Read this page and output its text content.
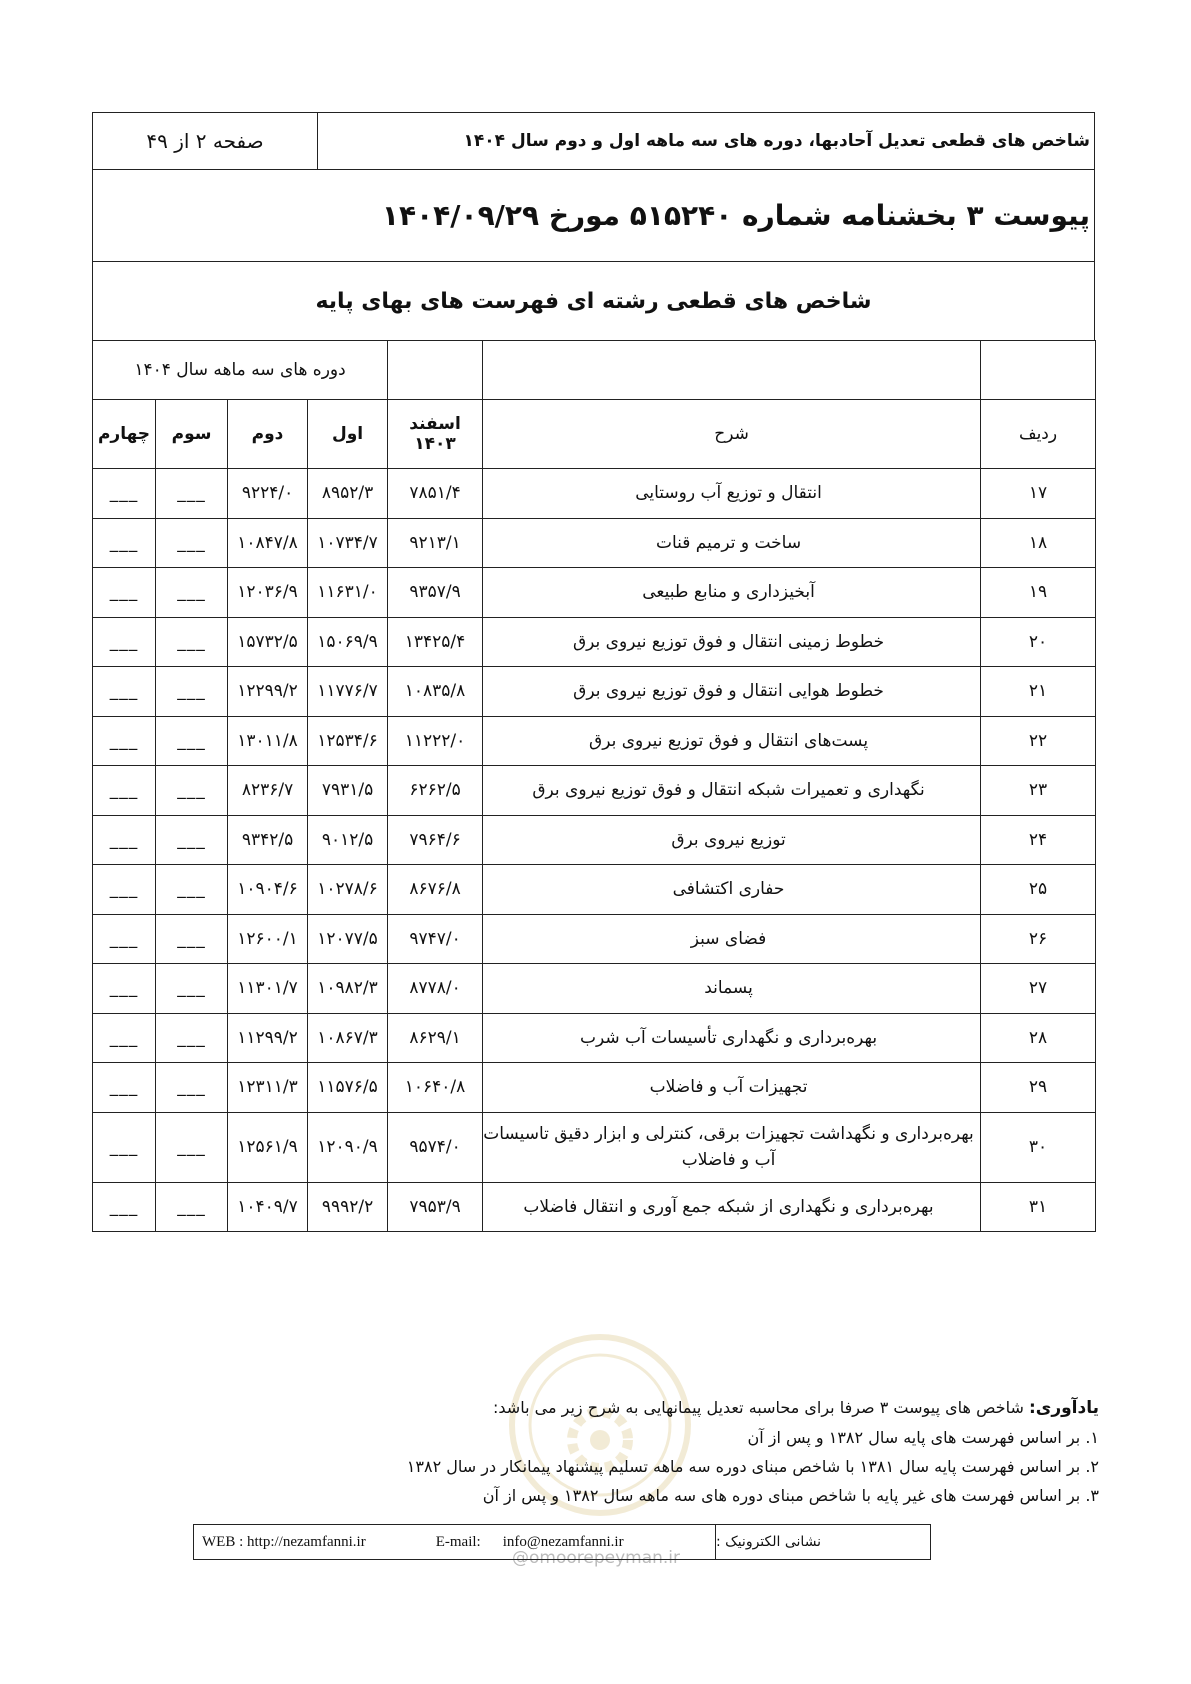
شاخص های قطعی تعدیل آحادبها، دوره های سه ماهه اول و دوم سال ۱۴۰۴
صفحه ۲ از ۴۹
پیوست ۳ بخشنامه شماره ۵۱۵۲۴۰ مورخ ۱۴۰۴/۰۹/۲۹
شاخص های قطعی رشته ای فهرست های بهای پایه
			دوره های سه ماهه سال ۱۴۰۴			
ردیف	شرح	اسفند ۱۴۰۳	اول	دوم	سوم	چهارم
۱۷	انتقال و توزیع آب روستایی	۷۸۵۱/۴	۸۹۵۲/۳	۹۲۲۴/۰	___	___
۱۸	ساخت و ترمیم قنات	۹۲۱۳/۱	۱۰۷۳۴/۷	۱۰۸۴۷/۸	___	___
۱۹	آبخیزداری و منابع طبیعی	۹۳۵۷/۹	۱۱۶۳۱/۰	۱۲۰۳۶/۹	___	___
۲۰	خطوط زمینی انتقال و فوق توزیع نیروی برق	۱۳۴۲۵/۴	۱۵۰۶۹/۹	۱۵۷۳۲/۵	___	___
۲۱	خطوط هوایی انتقال و فوق توزیع نیروی برق	۱۰۸۳۵/۸	۱۱۷۷۶/۷	۱۲۲۹۹/۲	___	___
۲۲	پست‌های انتقال و فوق توزیع نیروی برق	۱۱۲۲۲/۰	۱۲۵۳۴/۶	۱۳۰۱۱/۸	___	___
۲۳	نگهداری و تعمیرات شبکه انتقال و فوق توزیع نیروی برق	۶۲۶۲/۵	۷۹۳۱/۵	۸۲۳۶/۷	___	___
۲۴	توزیع نیروی برق	۷۹۶۴/۶	۹۰۱۲/۵	۹۳۴۲/۵	___	___
۲۵	حفاری اکتشافی	۸۶۷۶/۸	۱۰۲۷۸/۶	۱۰۹۰۴/۶	___	___
۲۶	فضای سبز	۹۷۴۷/۰	۱۲۰۷۷/۵	۱۲۶۰۰/۱	___	___
۲۷	پسماند	۸۷۷۸/۰	۱۰۹۸۲/۳	۱۱۳۰۱/۷	___	___
۲۸	بهره‌برداری و نگهداری تأسیسات آب شرب	۸۶۲۹/۱	۱۰۸۶۷/۳	۱۱۲۹۹/۲	___	___
۲۹	تجهیزات آب و فاضلاب	۱۰۶۴۰/۸	۱۱۵۷۶/۵	۱۲۳۱۱/۳	___	___
۳۰	بهره‌برداری و نگهداشت تجهیزات برقی، کنترلی و ابزار دقیق تاسیسات آب و فاضلاب	۹۵۷۴/۰	۱۲۰۹۰/۹	۱۲۵۶۱/۹	___	___
۳۱	بهره‌برداری و نگهداری از شبکه جمع آوری و انتقال فاضلاب	۷۹۵۳/۹	۹۹۹۲/۲	۱۰۴۰۹/۷	___	___
@omoorepeyman.ir

یادآوری: شاخص های پیوست ۳ صرفا برای محاسبه تعدیل پیمانهایی به شرح زیر می باشد:

۱. بر اساس فهرست های پایه سال ۱۳۸۲ و پس از آن

۲. بر اساس فهرست پایه سال ۱۳۸۱ با شاخص مبنای دوره سه ماهه تسلیم پیشنهاد پیمانکار در سال ۱۳۸۲

۳. بر اساس فهرست های غیر پایه با شاخص مبنای دوره های سه ماهه سال ۱۳۸۲ و پس از آن

WEB : http://nezamfanni.ir	E-mail: info@nezamfanni.ir	نشانی الکترونیک :
